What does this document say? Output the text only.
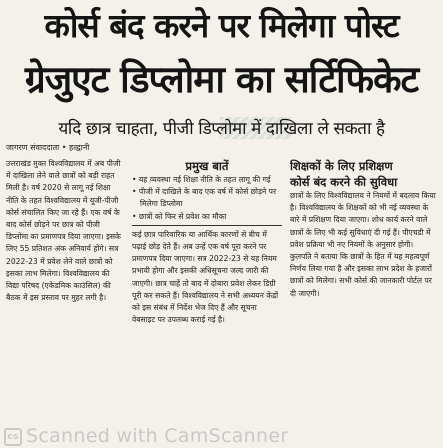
कोर्स बंद करने पर मिलेगा पोस्ट
ग्रेजुएट डिप्लोमा का सर्टिफिकेट
यदि छात्र चाहता, पीजी डिप्लोमा में दाखिला ले सकता है
जागरण संवाददाता • हल्द्वानी

उत्तराखंड मुक्त विश्वविद्यालय में अब पीजी में दाखिला लेने वाले छात्रों को बड़ी राहत मिली है। वर्ष 2020 से लागू नई शिक्षा नीति के तहत विश्वविद्यालय में यूजी-पीजी कोर्स संचालित किए जा रहे हैं। एक वर्ष के बाद कोर्स छोड़ने पर छात्र को पीजी डिप्लोमा का प्रमाणपत्र दिया जाएगा। इसके लिए 55 प्रतिशत अंक अनिवार्य होंगे। सत्र 2022-23 में प्रवेश लेने वाले छात्रों को इसका लाभ मिलेगा। विश्वविद्यालय की विद्या परिषद (एकेडमिक काउंसिल) की बैठक में इस प्रस्ताव पर मुहर लगी है।

प्रमुख बातें
• यह व्यवस्था नई शिक्षा नीति के तहत लागू की गई
• पीजी में दाखिले के बाद एक वर्ष में कोर्स छोड़ने पर मिलेगा डिप्लोमा
• छात्रों को फिर से प्रवेश का मौका

कई छात्र पारिवारिक या आर्थिक कारणों से बीच में पढ़ाई छोड़ देते हैं। अब उन्हें एक वर्ष पूरा करने पर प्रमाणपत्र दिया जाएगा। सत्र 2022-23 से यह नियम प्रभावी होगा और इसकी अधिसूचना जल्द जारी की जाएगी। छात्र चाहें तो बाद में दोबारा प्रवेश लेकर डिग्री पूरी कर सकते हैं। विश्वविद्यालय ने सभी अध्ययन केंद्रों को इस संबंध में निर्देश भेज दिए हैं और सूचना वेबसाइट पर उपलब्ध कराई गई है।

शिक्षकों के लिए प्रशिक्षण
कोर्स बंद करने की सुविधा

छात्रों के लिए विश्वविद्यालय ने नियमों में बदलाव किया है। विश्वविद्यालय के शिक्षकों को भी नई व्यवस्था के बारे में प्रशिक्षण दिया जाएगा। शोध कार्य करने वाले छात्रों के लिए भी कई सुविधाएं दी गई हैं। पीएचडी में प्रवेश प्रक्रिया भी नए नियमों के अनुसार होगी। कुलपति ने बताया कि छात्रों के हित में यह महत्वपूर्ण निर्णय लिया गया है और इसका लाभ प्रदेश के हजारों छात्रों को मिलेगा। सभी कोर्स की जानकारी पोर्टल पर दी जाएगी।

cs Scanned with CamScanner
